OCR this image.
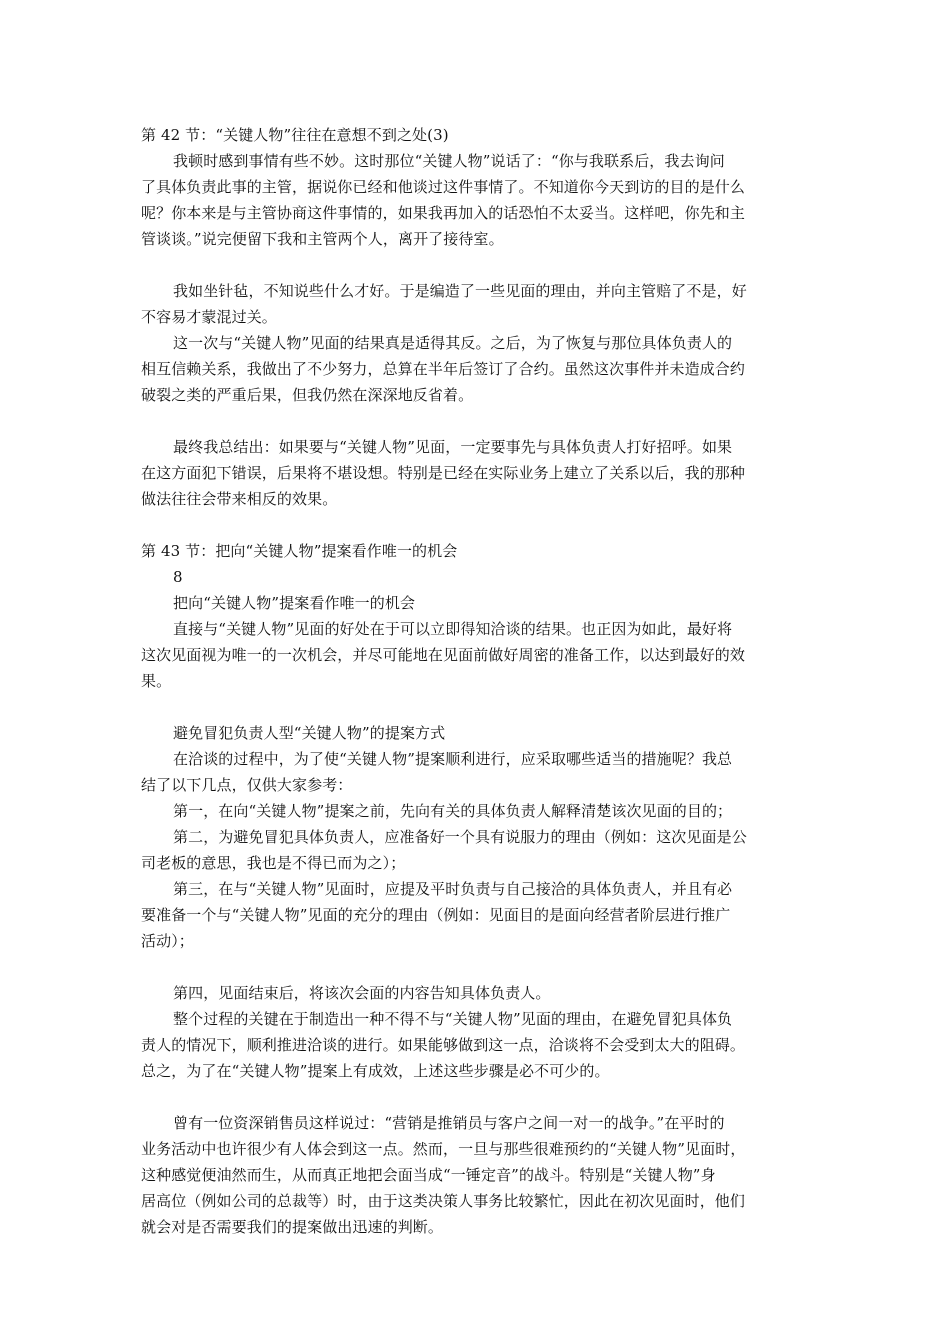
第 42 节：“关键人物”往往在意想不到之处(3)
我顿时感到事情有些不妙。这时那位“关键人物”说话了：“你与我联系后，我去询问
了具体负责此事的主管，据说你已经和他谈过这件事情了。不知道你今天到访的目的是什么
呢？你本来是与主管协商这件事情的，如果我再加入的话恐怕不太妥当。这样吧，你先和主
管谈谈。”说完便留下我和主管两个人，离开了接待室。
我如坐针毡，不知说些什么才好。于是编造了一些见面的理由，并向主管赔了不是，好
不容易才蒙混过关。
这一次与“关键人物”见面的结果真是适得其反。之后，为了恢复与那位具体负责人的
相互信赖关系，我做出了不少努力，总算在半年后签订了合约。虽然这次事件并未造成合约
破裂之类的严重后果，但我仍然在深深地反省着。
最终我总结出：如果要与“关键人物”见面，一定要事先与具体负责人打好招呼。如果
在这方面犯下错误，后果将不堪设想。特别是已经在实际业务上建立了关系以后，我的那种
做法往往会带来相反的效果。
第 43 节：把向“关键人物”提案看作唯一的机会
8
把向“关键人物”提案看作唯一的机会
直接与“关键人物”见面的好处在于可以立即得知洽谈的结果。也正因为如此，最好将
这次见面视为唯一的一次机会，并尽可能地在见面前做好周密的准备工作，以达到最好的效
果。
避免冒犯负责人型“关键人物”的提案方式
在洽谈的过程中，为了使“关键人物”提案顺利进行，应采取哪些适当的措施呢？我总
结了以下几点，仅供大家参考：
第一，在向“关键人物”提案之前，先向有关的具体负责人解释清楚该次见面的目的；
第二，为避免冒犯具体负责人，应准备好一个具有说服力的理由（例如：这次见面是公
司老板的意思，我也是不得已而为之）；
第三，在与“关键人物”见面时，应提及平时负责与自己接洽的具体负责人，并且有必
要准备一个与“关键人物”见面的充分的理由（例如：见面目的是面向经营者阶层进行推广
活动）；
第四，见面结束后，将该次会面的内容告知具体负责人。
整个过程的关键在于制造出一种不得不与“关键人物”见面的理由，在避免冒犯具体负
责人的情况下，顺利推进洽谈的进行。如果能够做到这一点，洽谈将不会受到太大的阻碍。
总之，为了在“关键人物”提案上有成效，上述这些步骤是必不可少的。
曾有一位资深销售员这样说过：“营销是推销员与客户之间一对一的战争。”在平时的
业务活动中也许很少有人体会到这一点。然而，一旦与那些很难预约的“关键人物”见面时，
这种感觉便油然而生，从而真正地把会面当成“一锤定音”的战斗。特别是“关键人物”身
居高位（例如公司的总裁等）时，由于这类决策人事务比较繁忙，因此在初次见面时，他们
就会对是否需要我们的提案做出迅速的判断。
